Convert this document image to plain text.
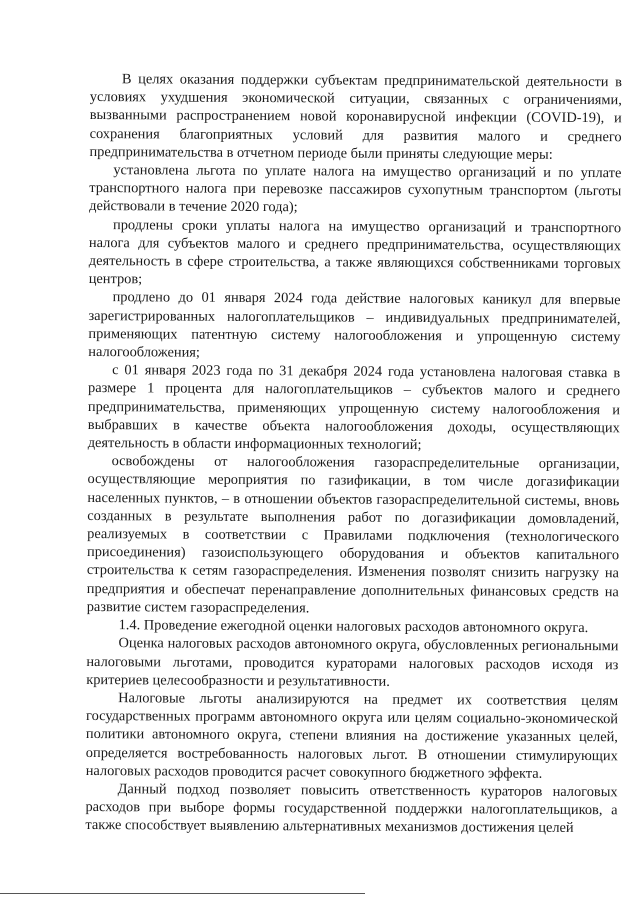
В целях оказания поддержки субъектам предпринимательской деятельности в условиях ухудшения экономической ситуации, связанных с ограничениями, вызванными распространением новой коронавирусной инфекции (COVID-19), и сохранения благоприятных условий для развития малого и среднего предпринимательства в отчетном периоде были приняты следующие меры:

установлена льгота по уплате налога на имущество организаций и по уплате транспортного налога при перевозке пассажиров сухопутным транспортом (льготы действовали в течение 2020 года);

продлены сроки уплаты налога на имущество организаций и транспортного налога для субъектов малого и среднего предпринимательства, осуществляющих деятельность в сфере строительства, а также являющихся собственниками торговых центров;

продлено до 01 января 2024 года действие налоговых каникул для впервые зарегистрированных налогоплательщиков – индивидуальных предпринимателей, применяющих патентную систему налогообложения и упрощенную систему налогообложения;

с 01 января 2023 года по 31 декабря 2024 года установлена налоговая ставка в размере 1 процента для налогоплательщиков – субъектов малого и среднего предпринимательства, применяющих упрощенную систему налогообложения и выбравших в качестве объекта налогообложения доходы, осуществляющих деятельность в области информационных технологий;

освобождены от налогообложения газораспределительные организации, осуществляющие мероприятия по газификации, в том числе догазификации населенных пунктов, – в отношении объектов газораспределительной системы, вновь созданных в результате выполнения работ по догазификации домовладений, реализуемых в соответствии с Правилами подключения (технологического присоединения) газоиспользующего оборудования и объектов капитального строительства к сетям газораспределения. Изменения позволят снизить нагрузку на предприятия и обеспечат перенаправление дополнительных финансовых средств на развитие систем газораспределения.

1.4. Проведение ежегодной оценки налоговых расходов автономного округа.

Оценка налоговых расходов автономного округа, обусловленных региональными налоговыми льготами, проводится кураторами налоговых расходов исходя из критериев целесообразности и результативности.

Налоговые льготы анализируются на предмет их соответствия целям государственных программ автономного округа или целям социально-экономической политики автономного округа, степени влияния на достижение указанных целей, определяется востребованность налоговых льгот. В отношении стимулирующих налоговых расходов проводится расчет совокупного бюджетного эффекта.

Данный подход позволяет повысить ответственность кураторов налоговых расходов при выборе формы государственной поддержки налогоплательщиков, а также способствует выявлению альтернативных механизмов достижения целей
